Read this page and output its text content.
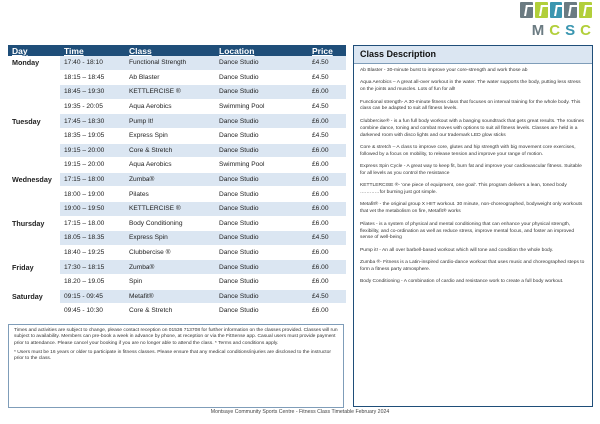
M C S C
Day	Time	Class	Location	Price
Monday	17:40 - 18:10	Functional Strength	Dance Studio	£4.50
	18:15 – 18:45	Ab Blaster	Dance Studio	£4.50
	18:45 – 19:30	KETTLERCISE ®	Dance Studio	£6.00
	19:35 - 20:05	Aqua Aerobics	Swimming Pool	£4.50
Tuesday	17:45 – 18:30	Pump It!	Dance Studio	£6.00
	18:35 – 19:05	Express Spin	Dance Studio	£4.50
	19:15 – 20:00	Core & Stretch	Dance Studio	£6.00
	19:15 – 20:00	Aqua Aerobics	Swimming Pool	£6.00
Wednesday	17:15 – 18:00	Zumba®	Dance Studio	£6.00
	18:00 – 19:00	Pilates	Dance Studio	£6.00
	19:00 – 19:50	KETTLERCISE ®	Dance Studio	£6.00
Thursday	17:15 – 18.00	Body Conditioning	Dance Studio	£6.00
	18.05 – 18.35	Express Spin	Dance Studio	£4.50
	18:40 – 19:25	Clubbercise ®	Dance Studio	£6.00
Friday	17:30 – 18:15	Zumba®	Dance Studio	£6.00
	18.20 – 19.05	Spin	Dance Studio	£6.00
Saturday	09:15 - 09:45	Metafit®	Dance Studio	£4.50
	09:45 - 10:30	Core & Stretch	Dance Studio	£6.00

Times and activities are subject to change, please contact reception on 01536 713708 for further information on the classes provided. Classes will run subject to availability. Members can pre-book a week in advance by phone, at reception or via the FitSense app. Casual users must provide payment prior to attendance. Please cancel your booking if you are no longer able to attend the class. * Terms and conditions apply.

* Users must be 16 years or older to participate in fitness classes. Please ensure that any medical conditions/injuries are disclosed to the instructor prior to the class.

Montsaye Community Sports Centre - Fitness Class Timetable February 2024
Class Description

Ab Blaster - 30-minute burst to improve your core-strength and work those ab

Aqua Aerobics – A great all-over workout in the water. The water supports the body, putting less stress on the joints and muscles. Lots of fun for all!

Functional strength- A 30-minute fitness class that focuses on interval training for the whole body. This class can be adapted to suit all fitness levels.

Clubbercise® - is a fun full body workout with a banging soundtrack that gets great results. The routines combine dance, toning and combat moves with options to suit all fitness levels. Classes are held in a darkened room with disco lights and our trademark LED glow sticks

Core & stretch – A class to improve core, glutes and hip strength with big movement core exercises, followed by a focus on mobility, to release tension and improve your range of motion.

Express Spin Cycle - A great way to keep fit, burn fat and improve your cardiovascular fitness. Suitable for all levels as you control the resistance

KETTLERCISE ®- 'one piece of equipment, one goal'. This program delivers a lean, toned body …………for burning just got simple.

Metafit® - the original group X HIIT workout. 30 minute, non-choreographed, bodyweight only workouts that vet the metabolism on fire, Metafit® works

Pilates - is a system of physical and mental conditioning that can enhance your physical strength, flexibility, and co-ordination as well as reduce stress, improve mental focus, and foster an improved sense of well-being

Pump it! - An all over barbell-based workout which will tone and condition the whole body.

Zumba ®- Fitness is a Latin-inspired cardio-dance workout that uses music and choreographed steps to form a fitness party atmosphere.

Body Conditioning - A combination of cardio and resistance work to create a full body workout.
